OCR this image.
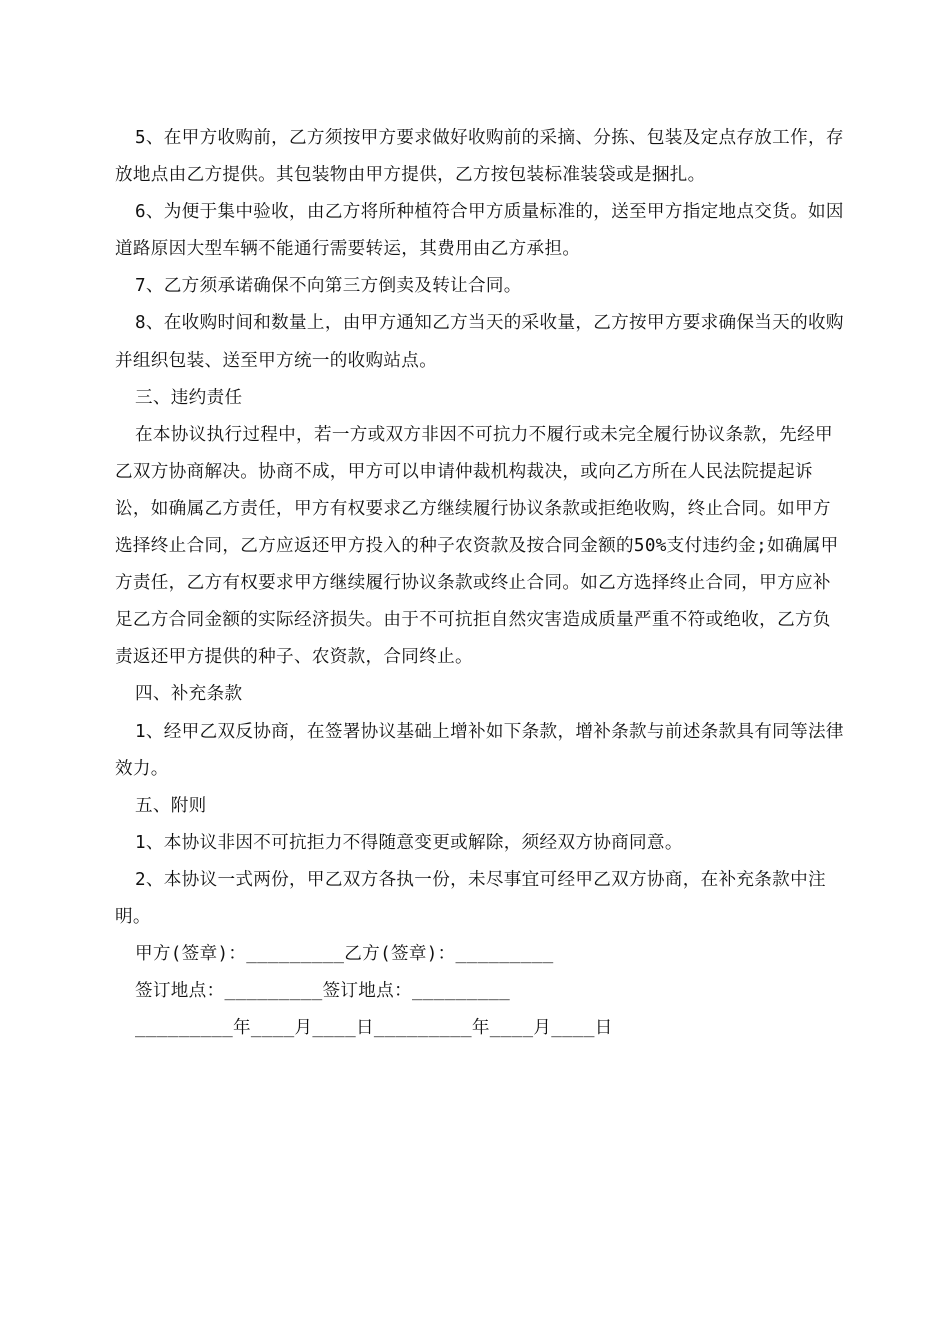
5、在甲方收购前，乙方须按甲方要求做好收购前的采摘、分拣、包装及定点存放工作，存放地点由乙方提供。其包装物由甲方提供，乙方按包装标准装袋或是捆扎。

6、为便于集中验收，由乙方将所种植符合甲方质量标准的，送至甲方指定地点交货。如因道路原因大型车辆不能通行需要转运，其费用由乙方承担。

7、乙方须承诺确保不向第三方倒卖及转让合同。

8、在收购时间和数量上，由甲方通知乙方当天的采收量，乙方按甲方要求确保当天的收购并组织包装、送至甲方统一的收购站点。

三、违约责任

在本协议执行过程中，若一方或双方非因不可抗力不履行或未完全履行协议条款，先经甲乙双方协商解决。协商不成，甲方可以申请仲裁机构裁决，或向乙方所在人民法院提起诉讼，如确属乙方责任，甲方有权要求乙方继续履行协议条款或拒绝收购，终止合同。如甲方选择终止合同，乙方应返还甲方投入的种子农资款及按合同金额的50%支付违约金;如确属甲方责任，乙方有权要求甲方继续履行协议条款或终止合同。如乙方选择终止合同，甲方应补足乙方合同金额的实际经济损失。由于不可抗拒自然灾害造成质量严重不符或绝收，乙方负责返还甲方提供的种子、农资款，合同终止。

四、补充条款

1、经甲乙双反协商，在签署协议基础上增补如下条款，增补条款与前述条款具有同等法律效力。

五、附则

1、本协议非因不可抗拒力不得随意变更或解除，须经双方协商同意。

2、本协议一式两份，甲乙双方各执一份，未尽事宜可经甲乙双方协商，在补充条款中注明。

甲方(签章)：_________乙方(签章)：_________

签订地点：_________签订地点：_________

_________年____月____日_________年____月____日
